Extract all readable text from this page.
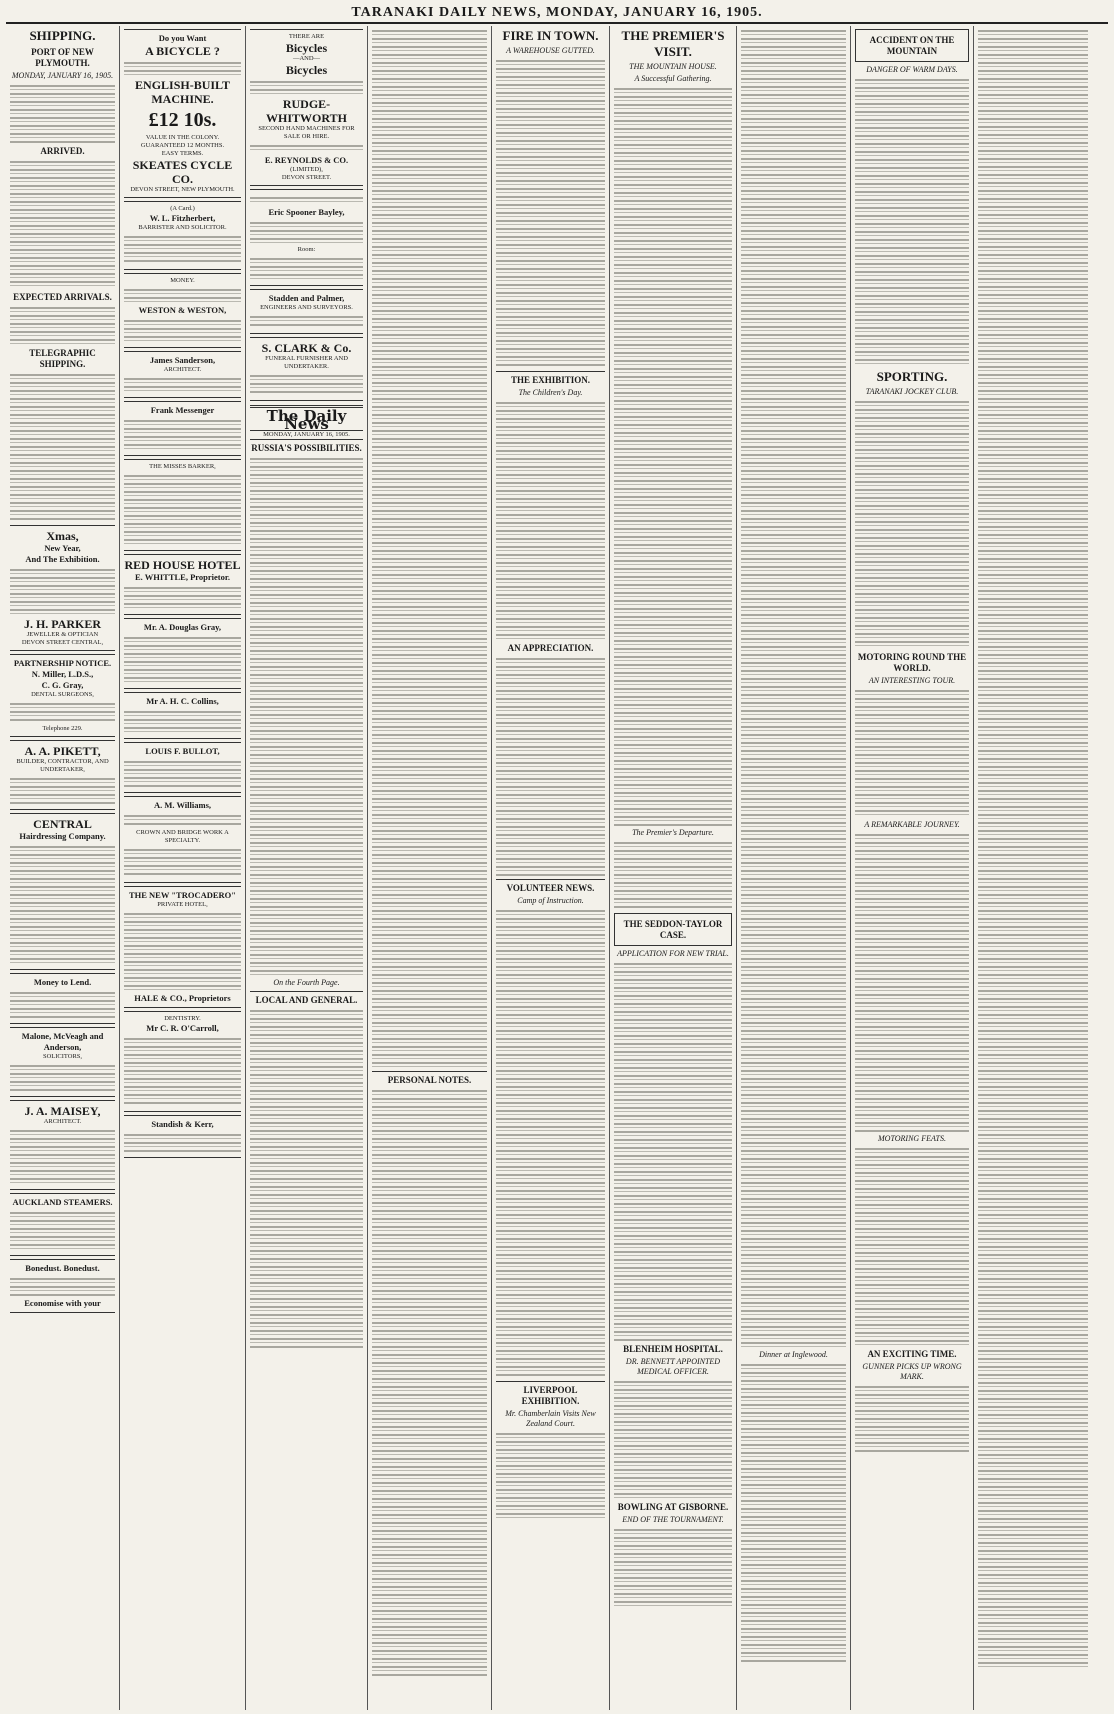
TARANAKI DAILY NEWS, MONDAY, JANUARY 16, 1905.
SHIPPING.
PORT OF NEW PLYMOUTH.
MONDAY, JANUARY 16, 1905.
ARRIVED.
EXPECTED ARRIVALS.
TELEGRAPHIC SHIPPING.
Xmas,
New Year,
And The Exhibition.
J. H. PARKER
JEWELLER & OPTICIAN
DEVON STREET CENTRAL,
PARTNERSHIP NOTICE.
N. Miller, L.D.S.,
C. G. Gray,
DENTAL SURGEONS,
Telephone 229.
A. A. PIKETT,
BUILDER, CONTRACTOR, AND UNDERTAKER,
CENTRAL
Hairdressing Company.
Money to Lend.
Malone, McVeagh and Anderson,
SOLICITORS,
J. A. MAISEY,
ARCHITECT.
AUCKLAND STEAMERS.
Bonedust. Bonedust.
Economise with your
Do you Want
A BICYCLE ?
ENGLISH-BUILT
MACHINE.
£12 10s.
VALUE IN THE COLONY.
GUARANTEED 12 MONTHS.
EASY TERMS.
SKEATES CYCLE CO.
DEVON STREET, NEW PLYMOUTH.
(A Card.)
W. L. Fitzherbert,
BARRISTER AND SOLICITOR.
MONEY.
WESTON & WESTON,
James Sanderson,
ARCHITECT.
Frank Messenger
THE MISSES BARKER,
RED HOUSE HOTEL
E. WHITTLE, Proprietor.
Mr. A. Douglas Gray,
Mr A. H. C. Collins,
LOUIS F. BULLOT,
A. M. Williams,
CROWN AND BRIDGE WORK A SPECIALTY.
THE NEW "TROCADERO"
PRIVATE HOTEL,
HALE & CO., Proprietors
DENTISTRY.
Mr C. R. O'Carroll,
Standish & Kerr,
THERE ARE
Bicycles
—AND—
Bicycles
RUDGE-
WHITWORTH
SECOND HAND MACHINES FOR SALE OR HIRE.
E. REYNOLDS & CO.
(LIMITED),
DEVON STREET.
Eric Spooner Bayley,
Room:
Stadden and Palmer,
ENGINEERS AND SURVEYORS.
S. CLARK & Co.
FUNERAL FURNISHER AND UNDERTAKER.
The Daily News
MONDAY, JANUARY 16, 1905.
RUSSIA'S POSSIBILITIES.
On the Fourth Page.
LOCAL AND GENERAL.
PERSONAL NOTES.
FIRE IN TOWN.
A WAREHOUSE GUTTED.
THE EXHIBITION.
The Children's Day.
AN APPRECIATION.
VOLUNTEER NEWS.
Camp of Instruction.
LIVERPOOL EXHIBITION.
Mr. Chamberlain Visits New Zealand Court.
THE PREMIER'S VISIT.
THE MOUNTAIN HOUSE.
A Successful Gathering.
The Premier's Departure.
THE SEDDON-TAYLOR CASE.
APPLICATION FOR NEW TRIAL.
BLENHEIM HOSPITAL.
DR. BENNETT APPOINTED MEDICAL OFFICER.
BOWLING AT GISBORNE.
END OF THE TOURNAMENT.
Dinner at Inglewood.
ACCIDENT ON THE MOUNTAIN
DANGER OF WARM DAYS.
SPORTING.
TARANAKI JOCKEY CLUB.
MOTORING ROUND THE WORLD.
AN INTERESTING TOUR.
A REMARKABLE JOURNEY.
MOTORING FEATS.
AN EXCITING TIME.
GUNNER PICKS UP WRONG MARK.
